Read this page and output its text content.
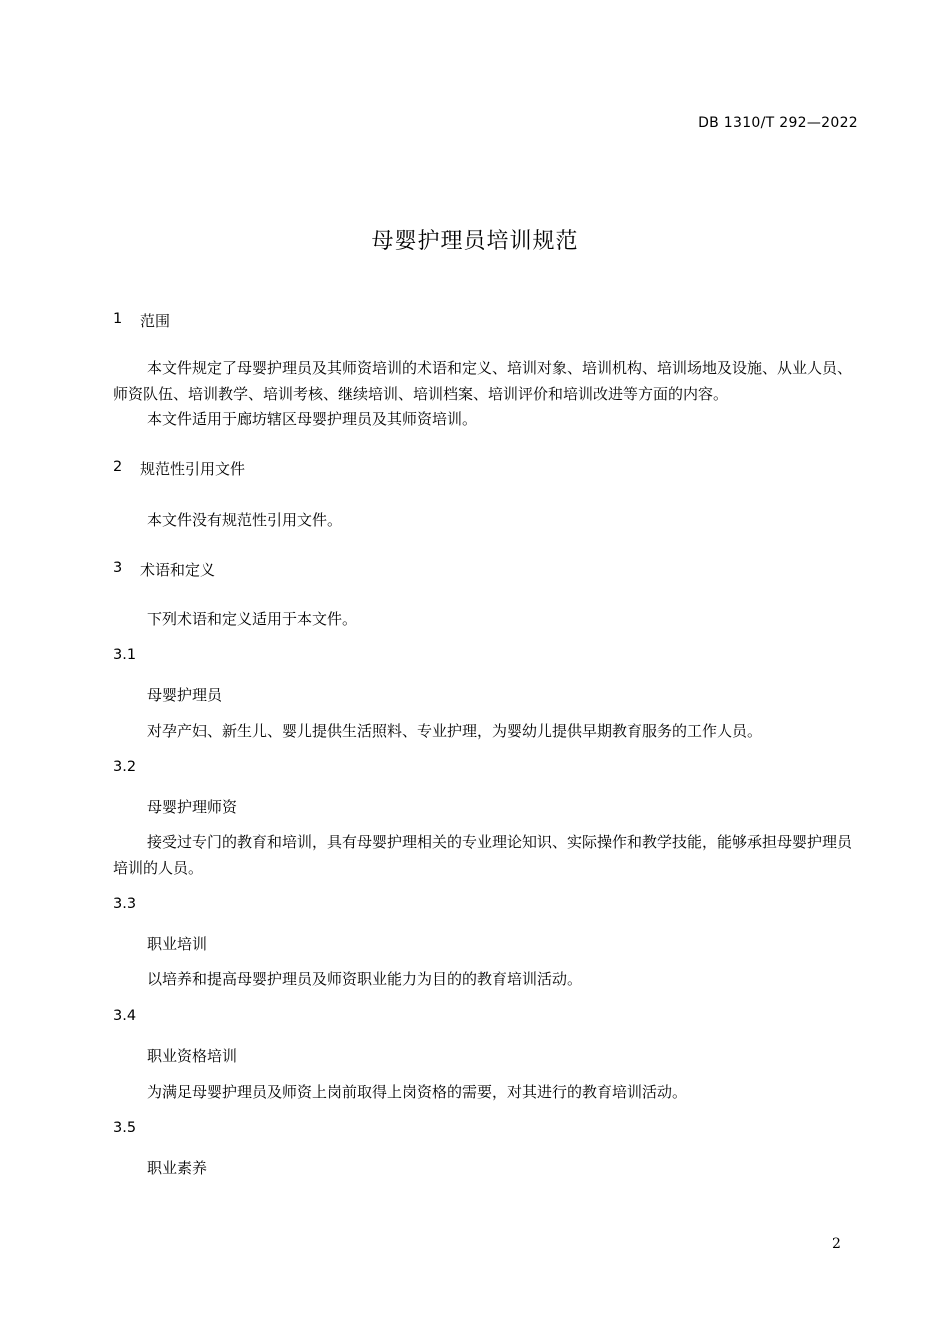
DB 1310/T 292—2022

母婴护理员培训规范

1 范围

本文件规定了母婴护理员及其师资培训的术语和定义、培训对象、培训机构、培训场地及设施、从业人员、师资队伍、培训教学、培训考核、继续培训、培训档案、培训评价和培训改进等方面的内容。

本文件适用于廊坊辖区母婴护理员及其师资培训。

2 规范性引用文件

本文件没有规范性引用文件。

3 术语和定义

下列术语和定义适用于本文件。

3.1

母婴护理员

对孕产妇、新生儿、婴儿提供生活照料、专业护理，为婴幼儿提供早期教育服务的工作人员。

3.2

母婴护理师资

接受过专门的教育和培训，具有母婴护理相关的专业理论知识、实际操作和教学技能，能够承担母婴护理员培训的人员。

3.3

职业培训

以培养和提高母婴护理员及师资职业能力为目的的教育培训活动。

3.4

职业资格培训

为满足母婴护理员及师资上岗前取得上岗资格的需要，对其进行的教育培训活动。

3.5

职业素养

2
